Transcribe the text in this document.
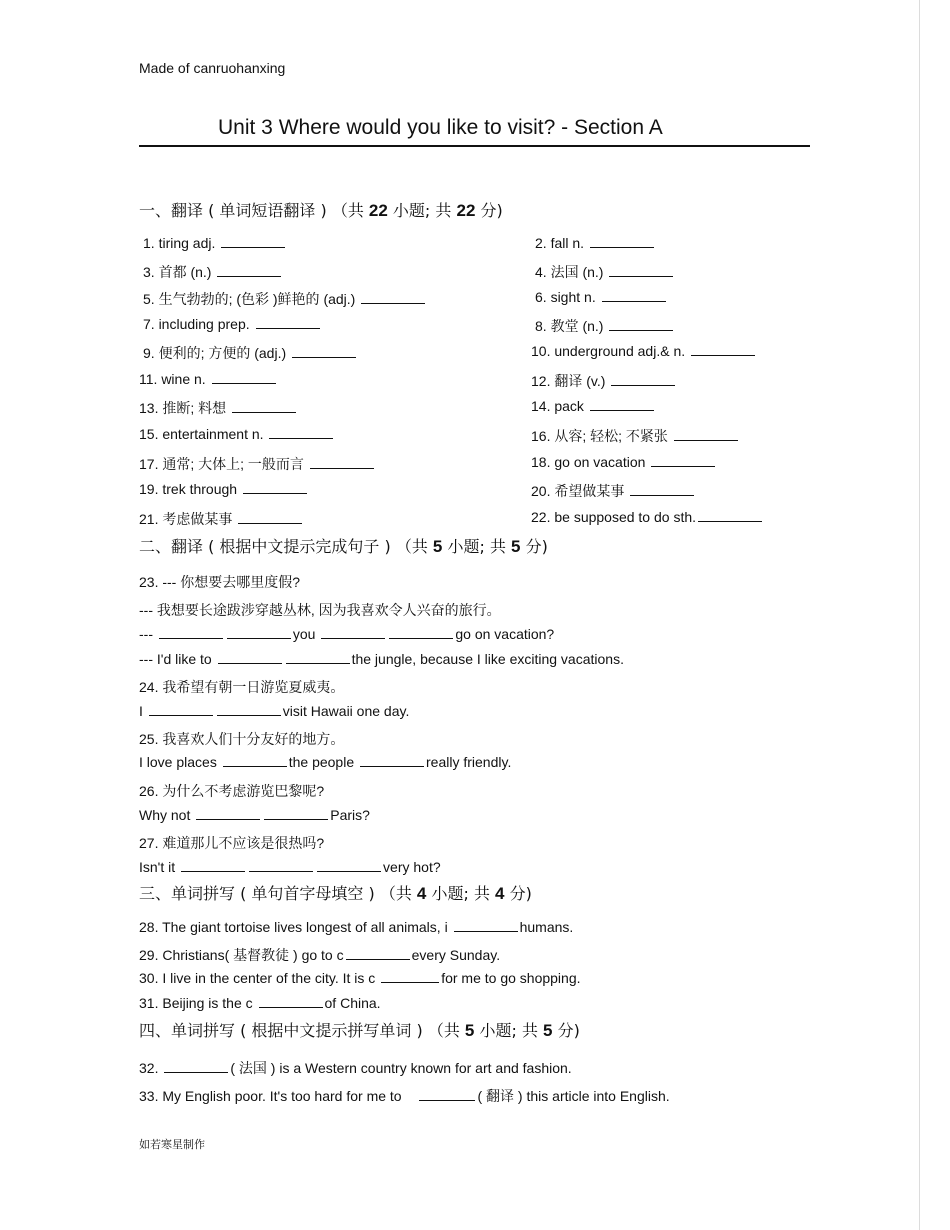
Made of canruohanxing
Unit 3 Where would you like to visit? - Section A
一、翻译 ( 单词短语翻译 ) （共 22 小题; 共 22 分)
1. tiring adj.	2. fall n.
3. 首都 (n.)	4. 法国 (n.)
5. 生气勃勃的; (色彩 )鲜艳的 (adj.)	6. sight n.
7. including prep.	8. 教堂 (n.)
9. 便利的; 方便的 (adj.)	10. underground adj.& n.
11. wine n.	12. 翻译 (v.)
13. 推断; 料想	14. pack
15. entertainment n.	16. 从容; 轻松; 不紧张
17. 通常; 大体上; 一般而言	18. go on vacation
19. trek through	20. 希望做某事
21. 考虑做某事	22. be supposed to do sth.
二、翻译 ( 根据中文提示完成句子 ) （共 5 小题; 共 5 分)
23. --- 你想要去哪里度假?
--- 我想要长途跋涉穿越丛林, 因为我喜欢令人兴奋的旅行。
---	you	go on vacation?
--- I'd like to	the jungle, because I like exciting vacations.
24. 我希望有朝一日游览夏威夷。
I	visit Hawaii one day.
25. 我喜欢人们十分友好的地方。
I love places	the people	really friendly.
26. 为什么不考虑游览巴黎呢?
Why not	Paris?
27. 难道那儿不应该是很热吗?
Isn't it	very hot?
三、单词拼写 ( 单句首字母填空 ) （共 4 小题; 共 4 分)
28. The giant tortoise lives longest of all animals, i	humans.
29. Christians( 基督教徒 ) go to c	every Sunday.
30. I live in the center of the city. It is c	for me to go shopping.
31. Beijing is the c	of China.
四、单词拼写 ( 根据中文提示拼写单词 ) （共 5 小题; 共 5 分)
32.	( 法国 ) is a Western country known for art and fashion.
33. My English poor. It's too hard for me to	( 翻译 ) this article into English.
如若寒星制作
